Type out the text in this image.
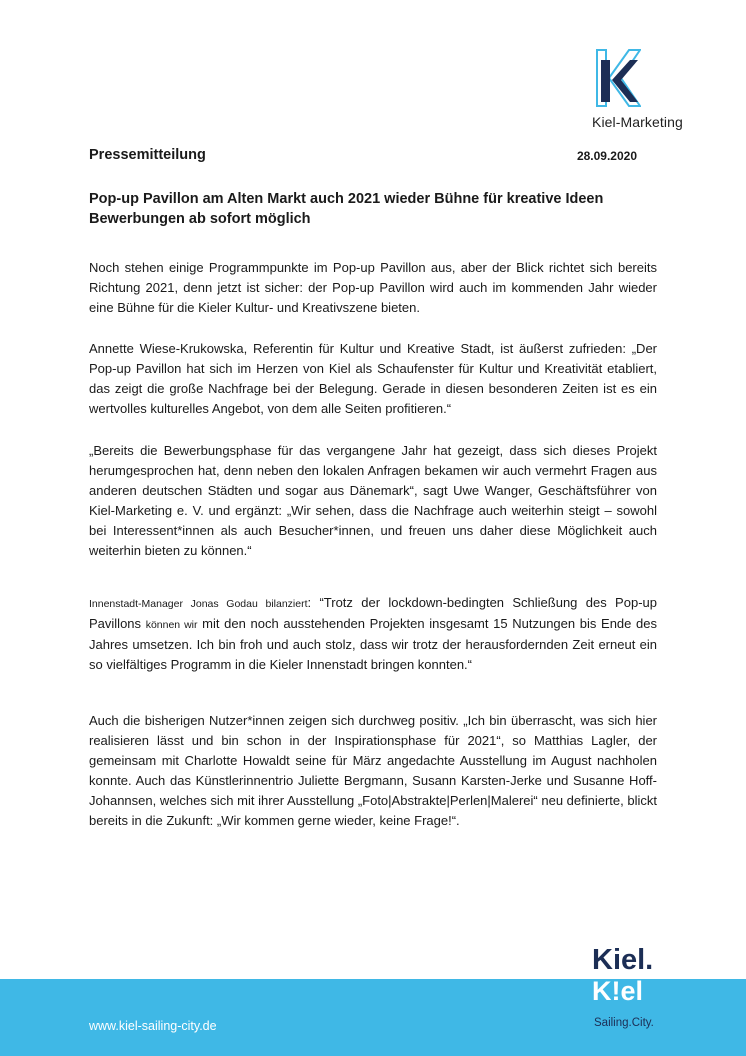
Kiel-Marketing
Pressemitteilung	28.09.2020
Pop-up Pavillon am Alten Markt auch 2021 wieder Bühne für kreative Ideen
Bewerbungen ab sofort möglich
Noch stehen einige Programmpunkte im Pop-up Pavillon aus, aber der Blick richtet sich bereits Richtung 2021, denn jetzt ist sicher: der Pop-up Pavillon wird auch im kommenden Jahr wieder eine Bühne für die Kieler Kultur- und Kreativszene bieten.
Annette Wiese-Krukowska, Referentin für Kultur und Kreative Stadt, ist äußerst zufrieden: „Der Pop-up Pavillon hat sich im Herzen von Kiel als Schaufenster für Kultur und Kreativität etabliert, das zeigt die große Nachfrage bei der Belegung. Gerade in diesen besonderen Zeiten ist es ein wertvolles kulturelles Angebot, von dem alle Seiten profitieren.“
„Bereits die Bewerbungsphase für das vergangene Jahr hat gezeigt, dass sich dieses Projekt herumgesprochen hat, denn neben den lokalen Anfragen bekamen wir auch vermehrt Fragen aus anderen deutschen Städten und sogar aus Dänemark“, sagt Uwe Wanger, Geschäftsführer von Kiel-Marketing e. V. und ergänzt: „Wir sehen, dass die Nachfrage auch weiterhin steigt – sowohl bei Interessent*innen als auch Besucher*innen, und freuen uns daher diese Möglichkeit auch weiterhin bieten zu können.“
Innenstadt-Manager Jonas Godau bilanziert: “Trotz der lockdown-bedingten Schließung des Pop-up Pavillons können wir mit den noch ausstehenden Projekten insgesamt 15 Nutzungen bis Ende des Jahres umsetzen. Ich bin froh und auch stolz, dass wir trotz der herausfordernden Zeit erneut ein so vielfältiges Programm in die Kieler Innenstadt bringen konnten.“
Auch die bisherigen Nutzer*innen zeigen sich durchweg positiv. „Ich bin überrascht, was sich hier realisieren lässt und bin schon in der Inspirationsphase für 2021“, so Matthias Lagler, der gemeinsam mit Charlotte Howaldt seine für März angedachte Ausstellung im August nachholen konnte. Auch das Künstlerinnentrio Juliette Bergmann, Susann Karsten-Jerke und Susanne Hoff-Johannsen, welches sich mit ihrer Ausstellung „Foto|Abstrakte|Perlen|Malerei“ neu definierte, blickt bereits in die Zukunft: „Wir kommen gerne wieder, keine Frage!“.
www.kiel-sailing-city.de
Kiel.
K!el
Sailing.City.
